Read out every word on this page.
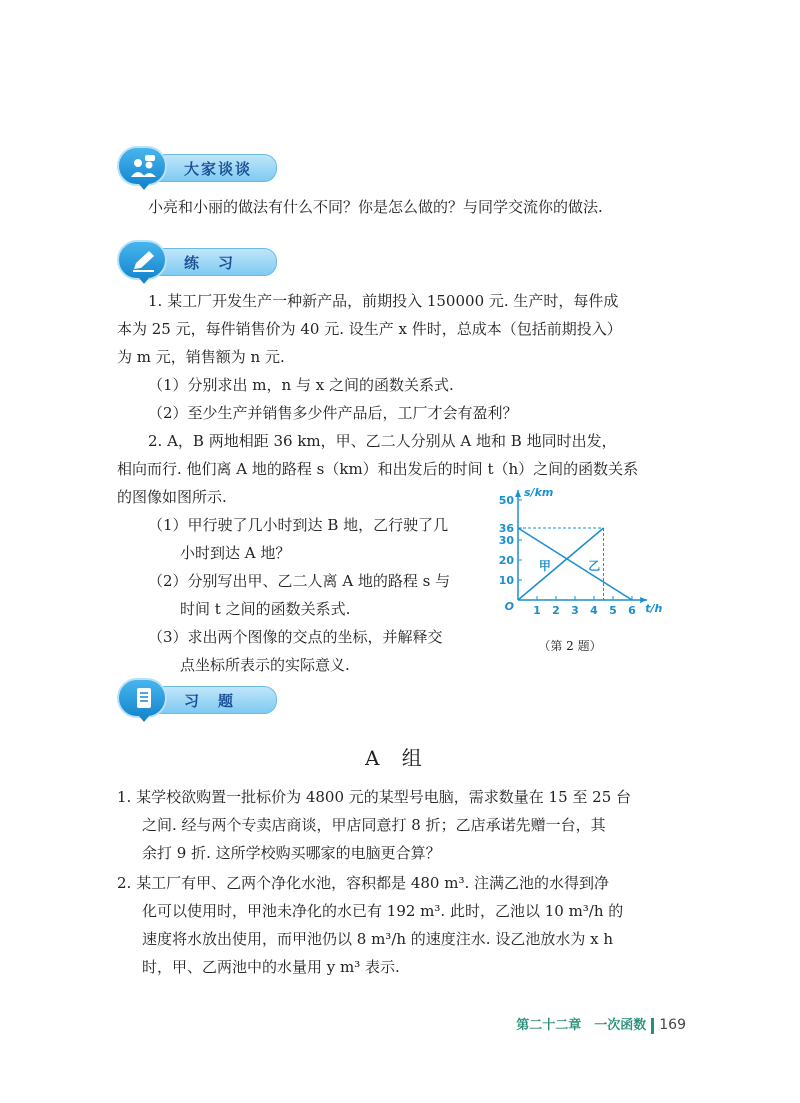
大家谈谈
小亮和小丽的做法有什么不同？你是怎么做的？与同学交流你的做法.
练　习
1. 某工厂开发生产一种新产品，前期投入 150000 元. 生产时，每件成
本为 25 元，每件销售价为 40 元. 设生产 x 件时，总成本（包括前期投入）
为 m 元，销售额为 n 元.
（1）分别求出 m，n 与 x 之间的函数关系式.
（2）至少生产并销售多少件产品后，工厂才会有盈利？
2. A，B 两地相距 36 km，甲、乙二人分别从 A 地和 B 地同时出发，
相向而行. 他们离 A 地的路程 s（km）和出发后的时间 t（h）之间的函数关系
的图像如图所示.
（1）甲行驶了几小时到达 B 地，乙行驶了几
小时到达 A 地？
（2）分别写出甲、乙二人离 A 地的路程 s 与
时间 t 之间的函数关系式.
（3）求出两个图像的交点的坐标，并解释交
点坐标所表示的实际意义.
1 2 3 4 5 6
10
20
30
36
50
O	t/h
s/km
甲	乙
（第 2 题）
习　题
A 组
1. 某学校欲购置一批标价为 4800 元的某型号电脑，需求数量在 15 至 25 台
之间. 经与两个专卖店商谈，甲店同意打 8 折；乙店承诺先赠一台，其
余打 9 折. 这所学校购买哪家的电脑更合算？
2. 某工厂有甲、乙两个净化水池，容积都是 480 m³. 注满乙池的水得到净
化可以使用时，甲池未净化的水已有 192 m³. 此时，乙池以 10 m³/h 的
速度将水放出使用，而甲池仍以 8 m³/h 的速度注水. 设乙池放水为 x h
时，甲、乙两池中的水量用 y m³ 表示.
第二十二章　一次函数 169
